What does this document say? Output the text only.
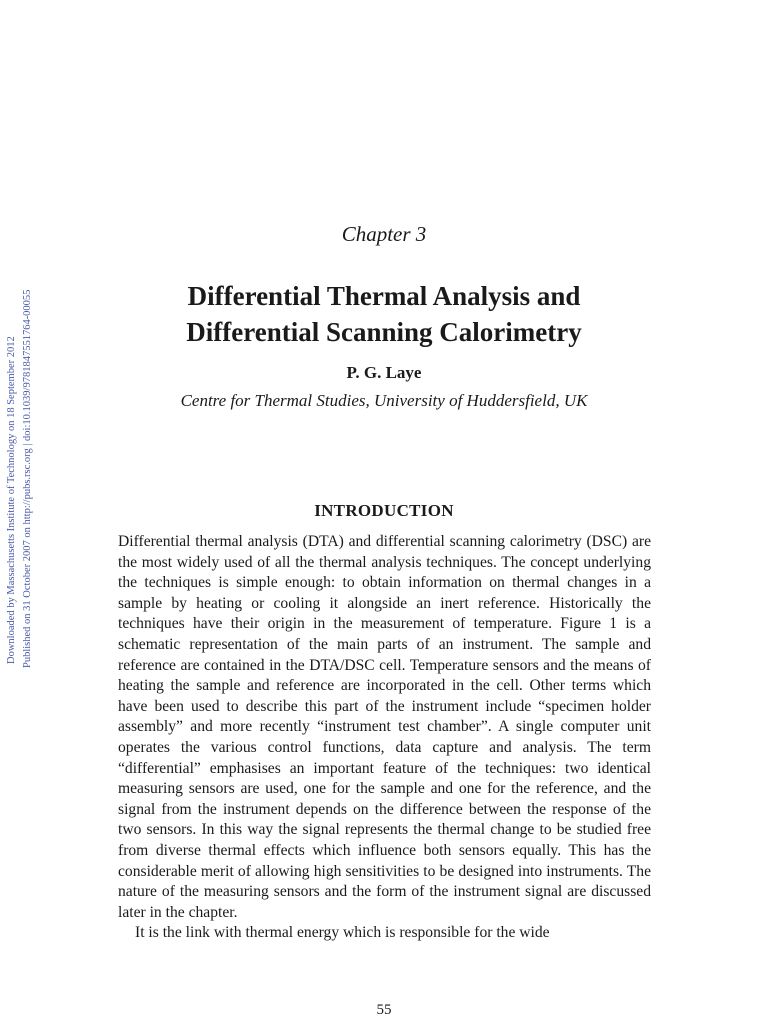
Downloaded by Massachusetts Institute of Technology on 18 September 2012 Published on 31 October 2007 on http://pubs.rsc.org | doi:10.1039/9781847551764-00055
Chapter 3
Differential Thermal Analysis and
Differential Scanning Calorimetry
P. G. Laye
Centre for Thermal Studies, University of Huddersfield, UK
INTRODUCTION

Differential thermal analysis (DTA) and differential scanning calorimetry (DSC) are the most widely used of all the thermal analysis techniques. The concept underlying the techniques is simple enough: to obtain information on thermal changes in a sample by heating or cooling it alongside an inert reference. Historically the techniques have their origin in the measurement of temperature. Figure 1 is a schematic representation of the main parts of an instrument. The sample and reference are contained in the DTA/DSC cell. Temperature sensors and the means of heating the sample and reference are incorporated in the cell. Other terms which have been used to describe this part of the instrument include “specimen holder assembly” and more recently “instrument test chamber”. A single computer unit operates the various control functions, data capture and analysis. The term “differential” emphasises an important feature of the techniques: two identical measuring sensors are used, one for the sample and one for the reference, and the signal from the instrument depends on the difference between the response of the two sensors. In this way the signal represents the thermal change to be studied free from diverse thermal effects which influence both sensors equally. This has the considerable merit of allowing high sensitivities to be designed into instruments. The nature of the measuring sensors and the form of the instrument signal are discussed later in the chapter.

It is the link with thermal energy which is responsible for the wide

55
